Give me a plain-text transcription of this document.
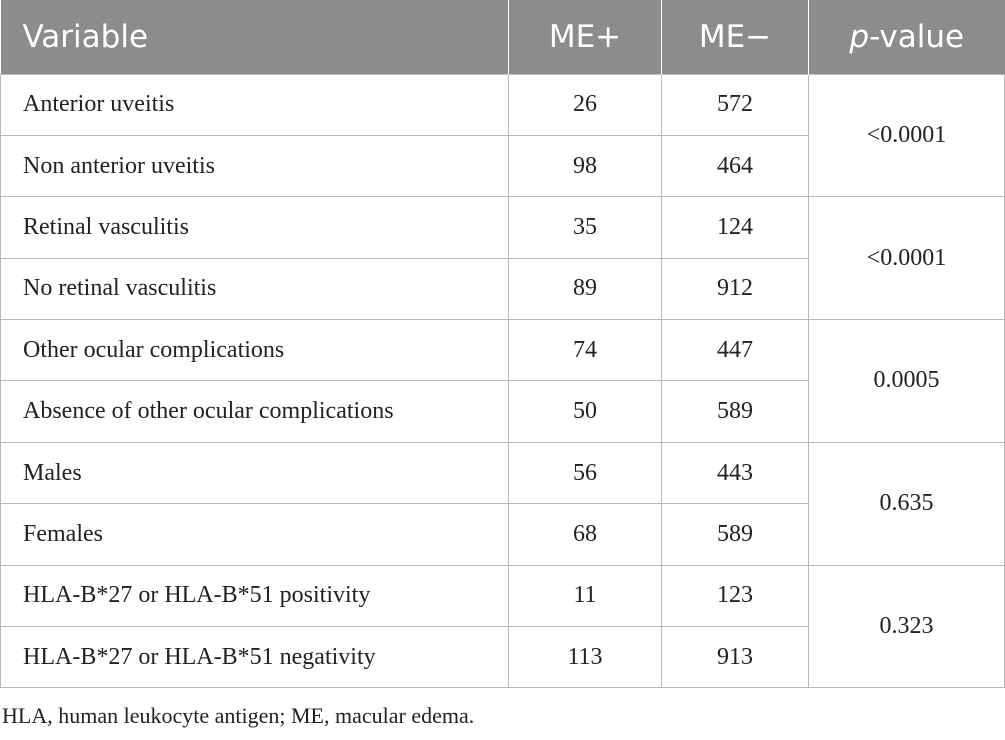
Variable	ME+	ME−	p-value
Anterior uveitis	26	572	<0.0001
Non anterior uveitis	98	464	
Retinal vasculitis	35	124	<0.0001
No retinal vasculitis	89	912	
Other ocular complications	74	447	0.0005
Absence of other ocular complications	50	589	
Males	56	443	0.635
Females	68	589	
HLA-B*27 or HLA-B*51 positivity	11	123	0.323
HLA-B*27 or HLA-B*51 negativity	113	913	
HLA, human leukocyte antigen; ME, macular edema.
